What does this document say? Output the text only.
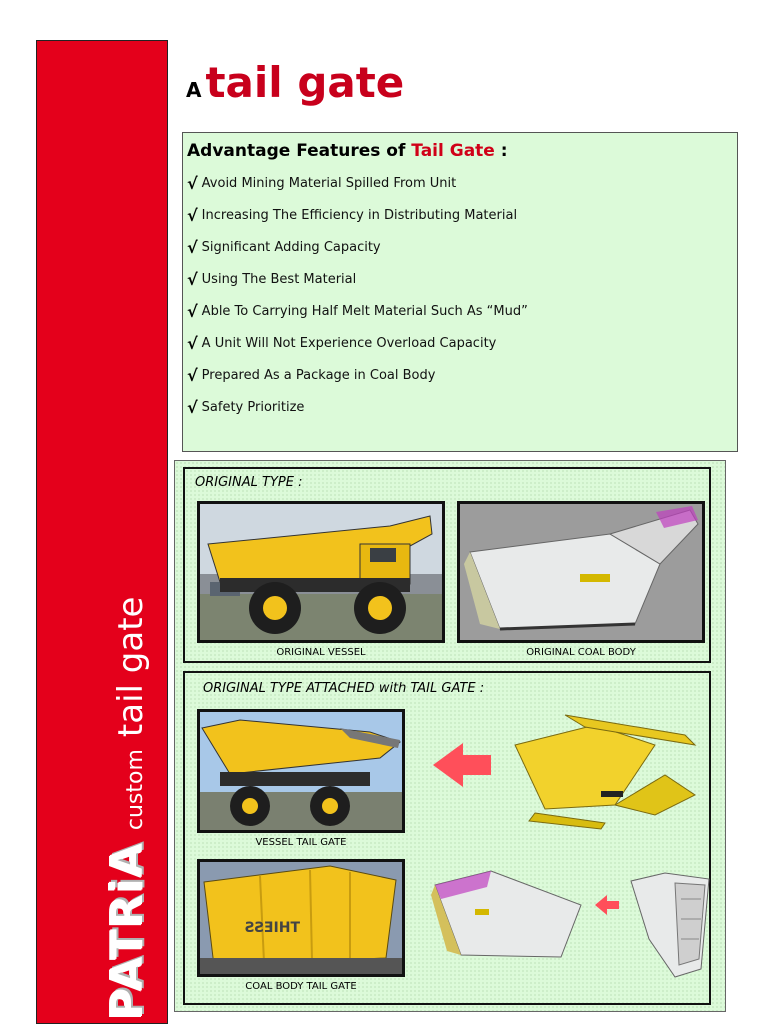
PATRiA
custom
tail gate
A tail gate
Advantage Features of Tail Gate :
√ Avoid Mining Material Spilled From Unit
√ Increasing The Efficiency in Distributing Material
√ Significant Adding Capacity
√ Using The Best Material
√ Able To Carrying Half Melt Material Such As “Mud”
√ A Unit Will Not Experience Overload Capacity
√ Prepared As a Package in Coal Body
√ Safety Prioritize
ORIGINAL TYPE :
ORIGINAL VESSEL	ORIGINAL COAL BODY
ORIGINAL TYPE ATTACHED with TAIL GATE :
VESSEL TAIL GATE
THIESS
COAL BODY TAIL GATE
